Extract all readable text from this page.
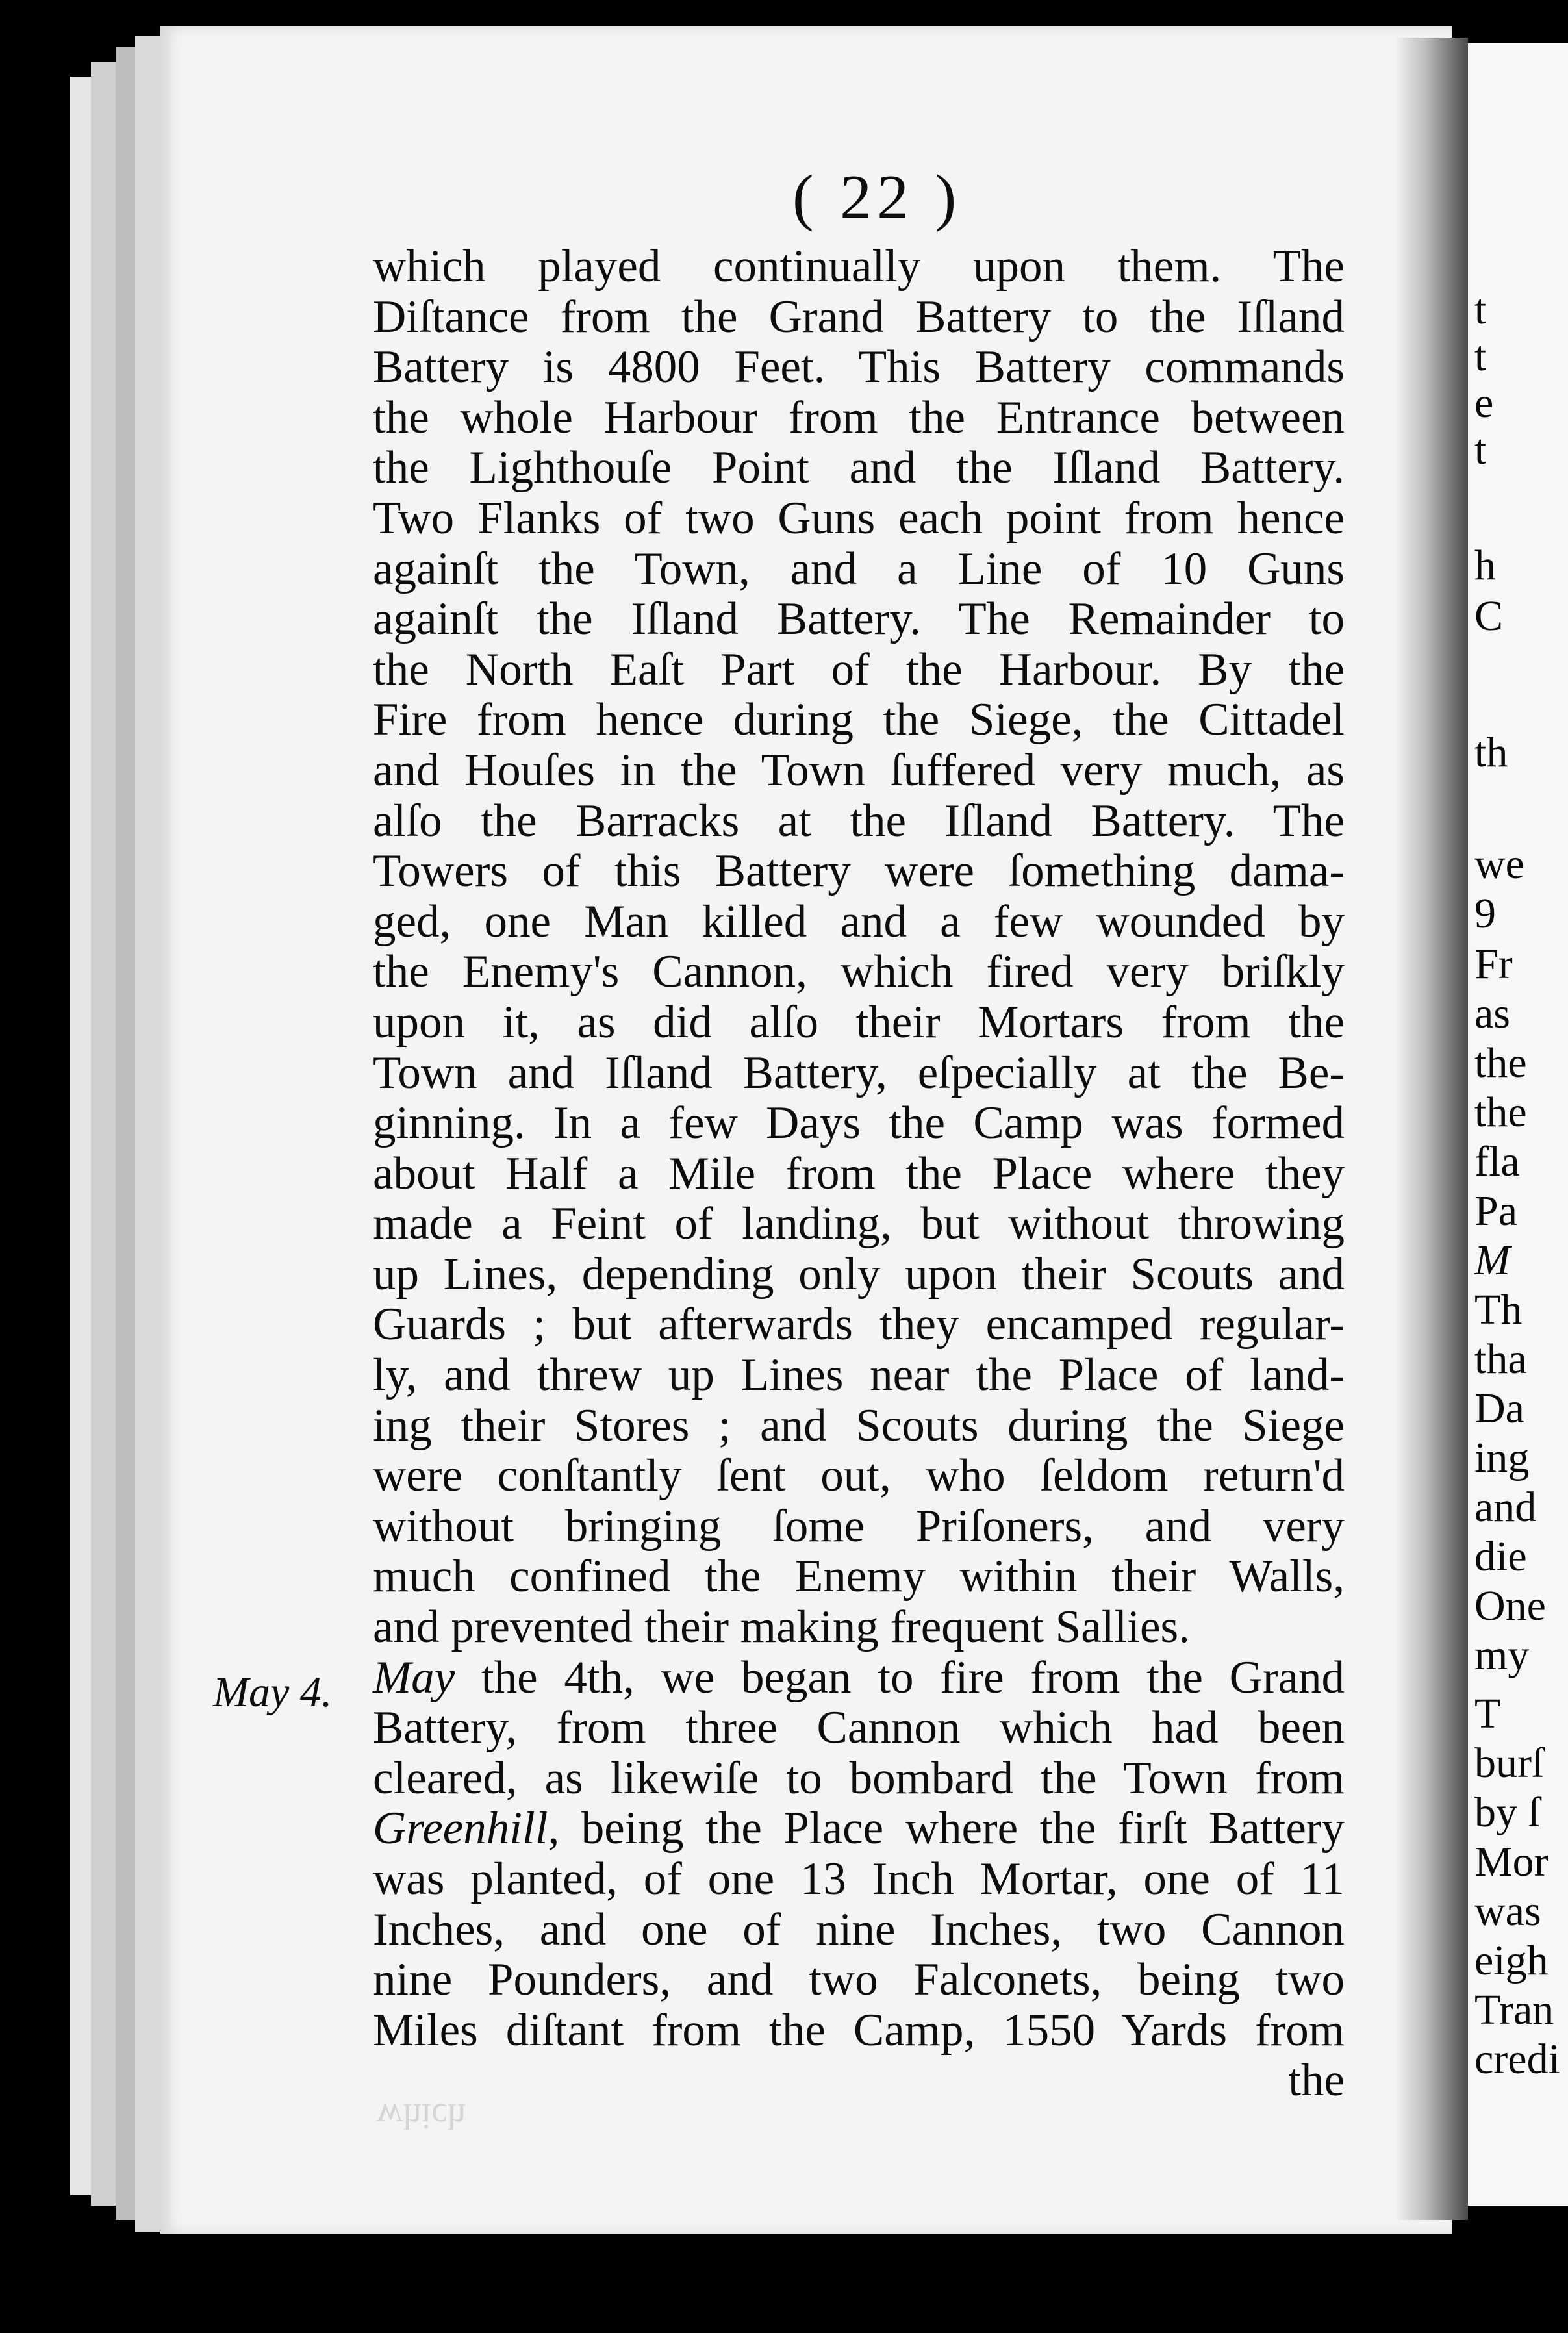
t
t
e
t
h
C
th
we
9
Fr
as
the
the
fla
Pa
M
Th
tha
Da
ing
and
die
One
my
T
burſ
by ſ
Mor
was
eigh
Tran
credi
( 22 )

May 4.

which played continually upon them. The
Diſtance from the Grand Battery to the Iſland
Battery is 4800 Feet. This Battery commands
the whole Harbour from the Entrance between
the Lighthouſe Point and the Iſland Battery.
Two Flanks of two Guns each point from hence
againſt the Town, and a Line of 10 Guns
againſt the Iſland Battery. The Remainder to
the North Eaſt Part of the Harbour. By the
Fire from hence during the Siege, the Cittadel
and Houſes in the Town ſuffered very much, as
alſo the Barracks at the Iſland Battery. The
Towers of this Battery were ſomething dama-
ged, one Man killed and a few wounded by
the Enemy's Cannon, which fired very briſkly
upon it, as did alſo their Mortars from the
Town and Iſland Battery, eſpecially at the Be-
ginning. In a few Days the Camp was formed
about Half a Mile from the Place where they
made a Feint of landing, but without throwing
up Lines, depending only upon their Scouts and
Guards ; but afterwards they encamped regular-
ly, and threw up Lines near the Place of land-
ing their Stores ; and Scouts during the Siege
were conſtantly ſent out, who ſeldom return'd
without bringing ſome Priſoners, and very
much confined the Enemy within their Walls,
and prevented their making frequent Sallies.
May the 4th, we began to fire from the Grand
Battery, from three Cannon which had been
cleared, as likewiſe to bombard the Town from
Greenhill, being the Place where the firſt Battery
was planted, of one 13 Inch Mortar, one of 11
Inches, and one of nine Inches, two Cannon
nine Pounders, and two Falconets, being two
Miles diſtant from the Camp, 1550 Yards from
the

which
